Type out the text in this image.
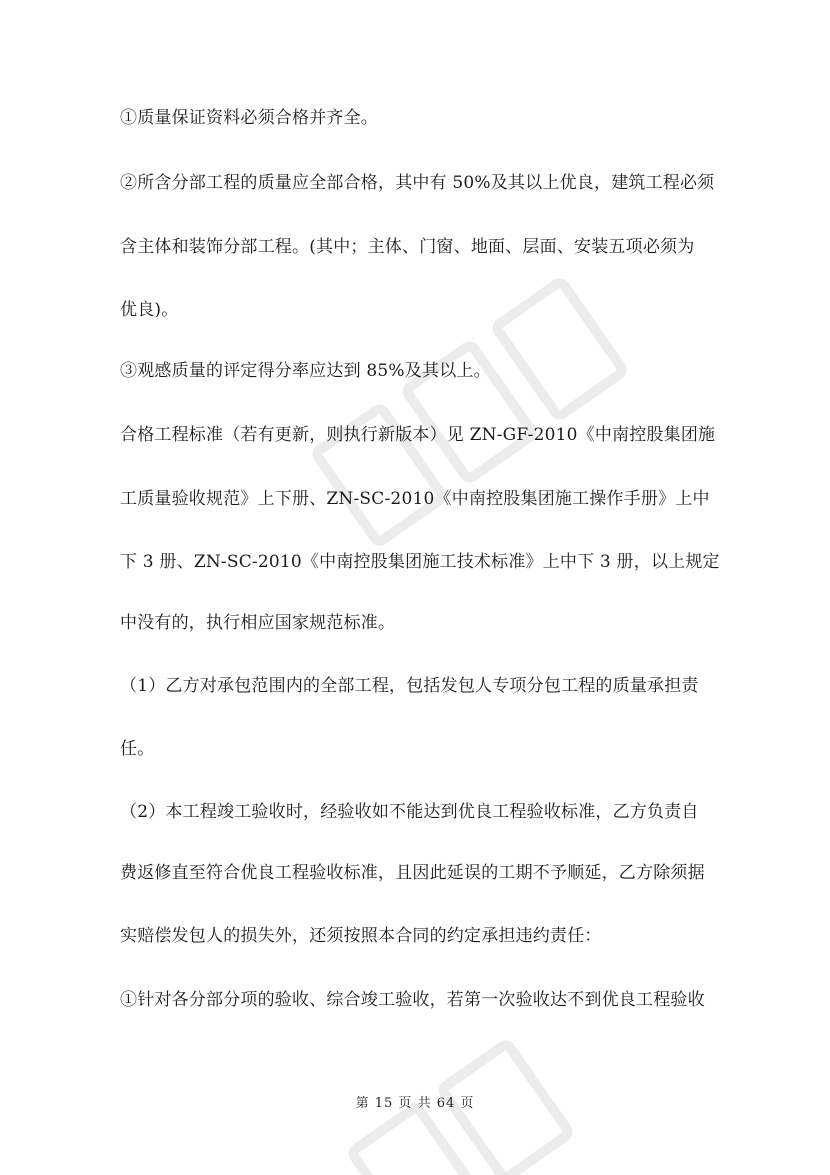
①质量保证资料必须合格并齐全。
②所含分部工程的质量应全部合格，其中有 50%及其以上优良，建筑工程必须
含主体和装饰分部工程。(其中；主体、门窗、地面、层面、安装五项必须为
优良)。
③观感质量的评定得分率应达到 85%及其以上。
合格工程标准（若有更新，则执行新版本）见 ZN-GF-2010《中南控股集团施
工质量验收规范》上下册、ZN-SC-2010《中南控股集团施工操作手册》上中
下 3 册、ZN-SC-2010《中南控股集团施工技术标准》上中下 3 册，以上规定
中没有的，执行相应国家规范标准。
（1）乙方对承包范围内的全部工程，包括发包人专项分包工程的质量承担责
任。
（2）本工程竣工验收时，经验收如不能达到优良工程验收标准，乙方负责自
费返修直至符合优良工程验收标准，且因此延误的工期不予顺延，乙方除须据
实赔偿发包人的损失外，还须按照本合同的约定承担违约责任：
①针对各分部分项的验收、综合竣工验收，若第一次验收达不到优良工程验收
第 15 页 共 64 页
